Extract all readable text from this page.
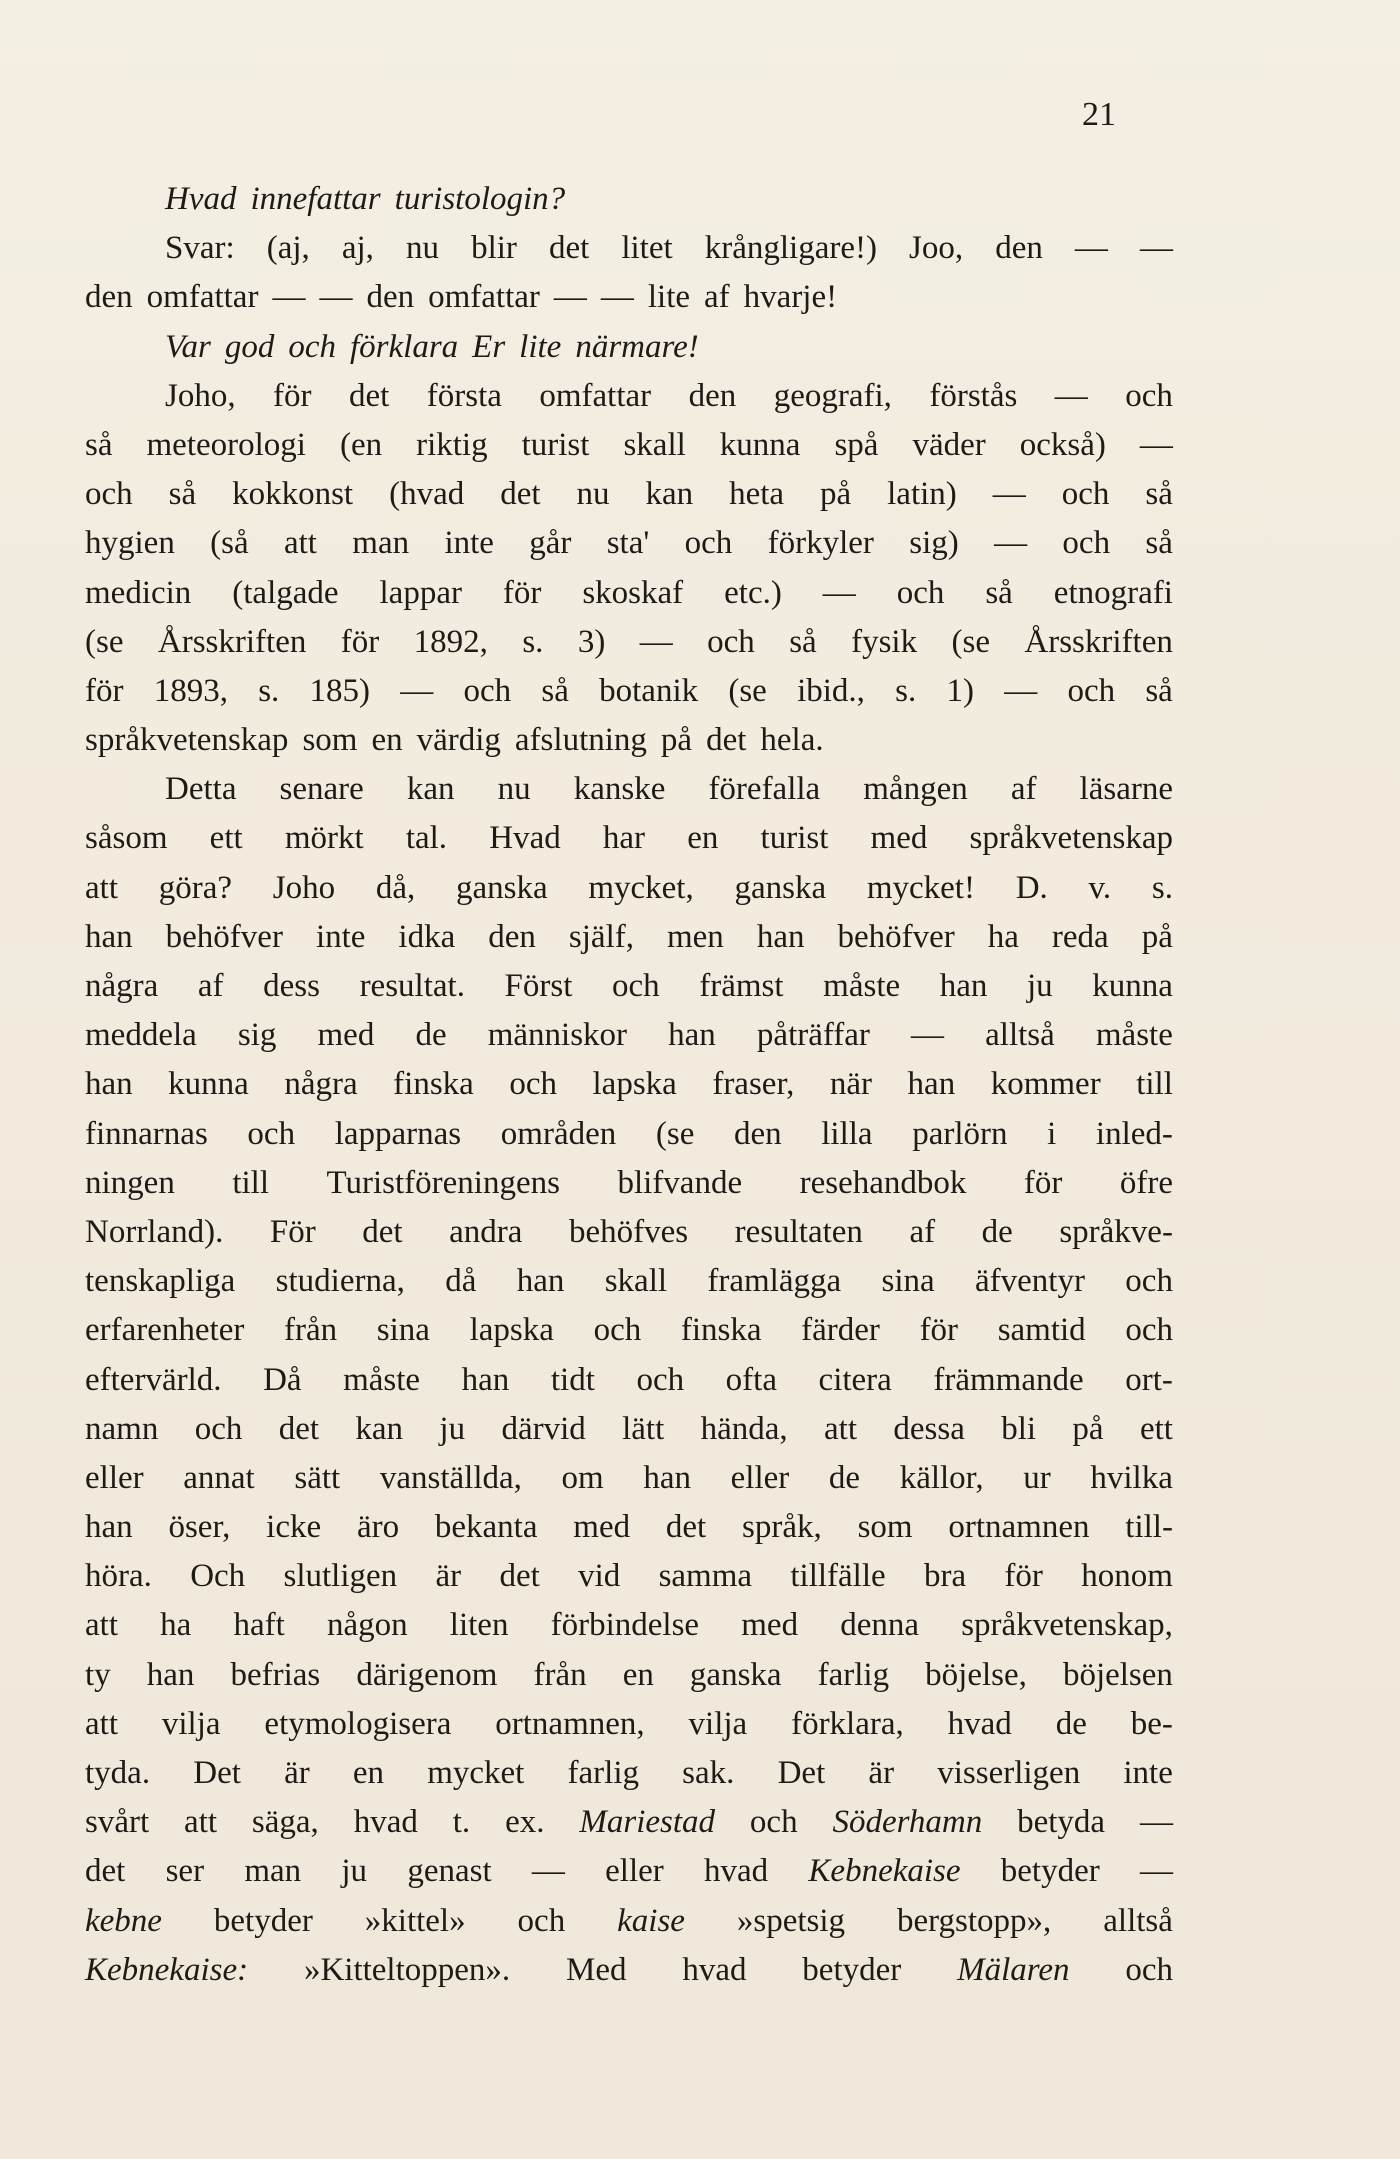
21
Hvad innefattar turistologin?
Svar: (aj, aj, nu blir det litet krångligare!) Joo, den — —
den omfattar — — den omfattar — — lite af hvarje!
Var god och förklara Er lite närmare!
Joho, för det första omfattar den geografi, förstås — och
så meteorologi (en riktig turist skall kunna spå väder också) —
och så kokkonst (hvad det nu kan heta på latin) — och så
hygien (så att man inte går sta' och förkyler sig) — och så
medicin (talgade lappar för skoskaf etc.) — och så etnografi
(se Årsskriften för 1892, s. 3) — och så fysik (se Årsskriften
för 1893, s. 185) — och så botanik (se ibid., s. 1) — och så
språkvetenskap som en värdig afslutning på det hela.
Detta senare kan nu kanske förefalla mången af läsarne
såsom ett mörkt tal. Hvad har en turist med språkvetenskap
att göra? Joho då, ganska mycket, ganska mycket! D. v. s.
han behöfver inte idka den själf, men han behöfver ha reda på
några af dess resultat. Först och främst måste han ju kunna
meddela sig med de människor han påträffar — alltså måste
han kunna några finska och lapska fraser, när han kommer till
finnarnas och lapparnas områden (se den lilla parlörn i inled-
ningen till Turistföreningens blifvande resehandbok för öfre
Norrland). För det andra behöfves resultaten af de språkve-
tenskapliga studierna, då han skall framlägga sina äfventyr och
erfarenheter från sina lapska och finska färder för samtid och
eftervärld. Då måste han tidt och ofta citera främmande ort-
namn och det kan ju därvid lätt hända, att dessa bli på ett
eller annat sätt vanställda, om han eller de källor, ur hvilka
han öser, icke äro bekanta med det språk, som ortnamnen till-
höra. Och slutligen är det vid samma tillfälle bra för honom
att ha haft någon liten förbindelse med denna språkvetenskap,
ty han befrias därigenom från en ganska farlig böjelse, böjelsen
att vilja etymologisera ortnamnen, vilja förklara, hvad de be-
tyda. Det är en mycket farlig sak. Det är visserligen inte
svårt att säga, hvad t. ex. Mariestad och Söderhamn betyda —
det ser man ju genast — eller hvad Kebnekaise betyder —
kebne betyder »kittel» och kaise »spetsig bergstopp», alltså
Kebnekaise: »Kitteltoppen». Med hvad betyder Mälaren och
